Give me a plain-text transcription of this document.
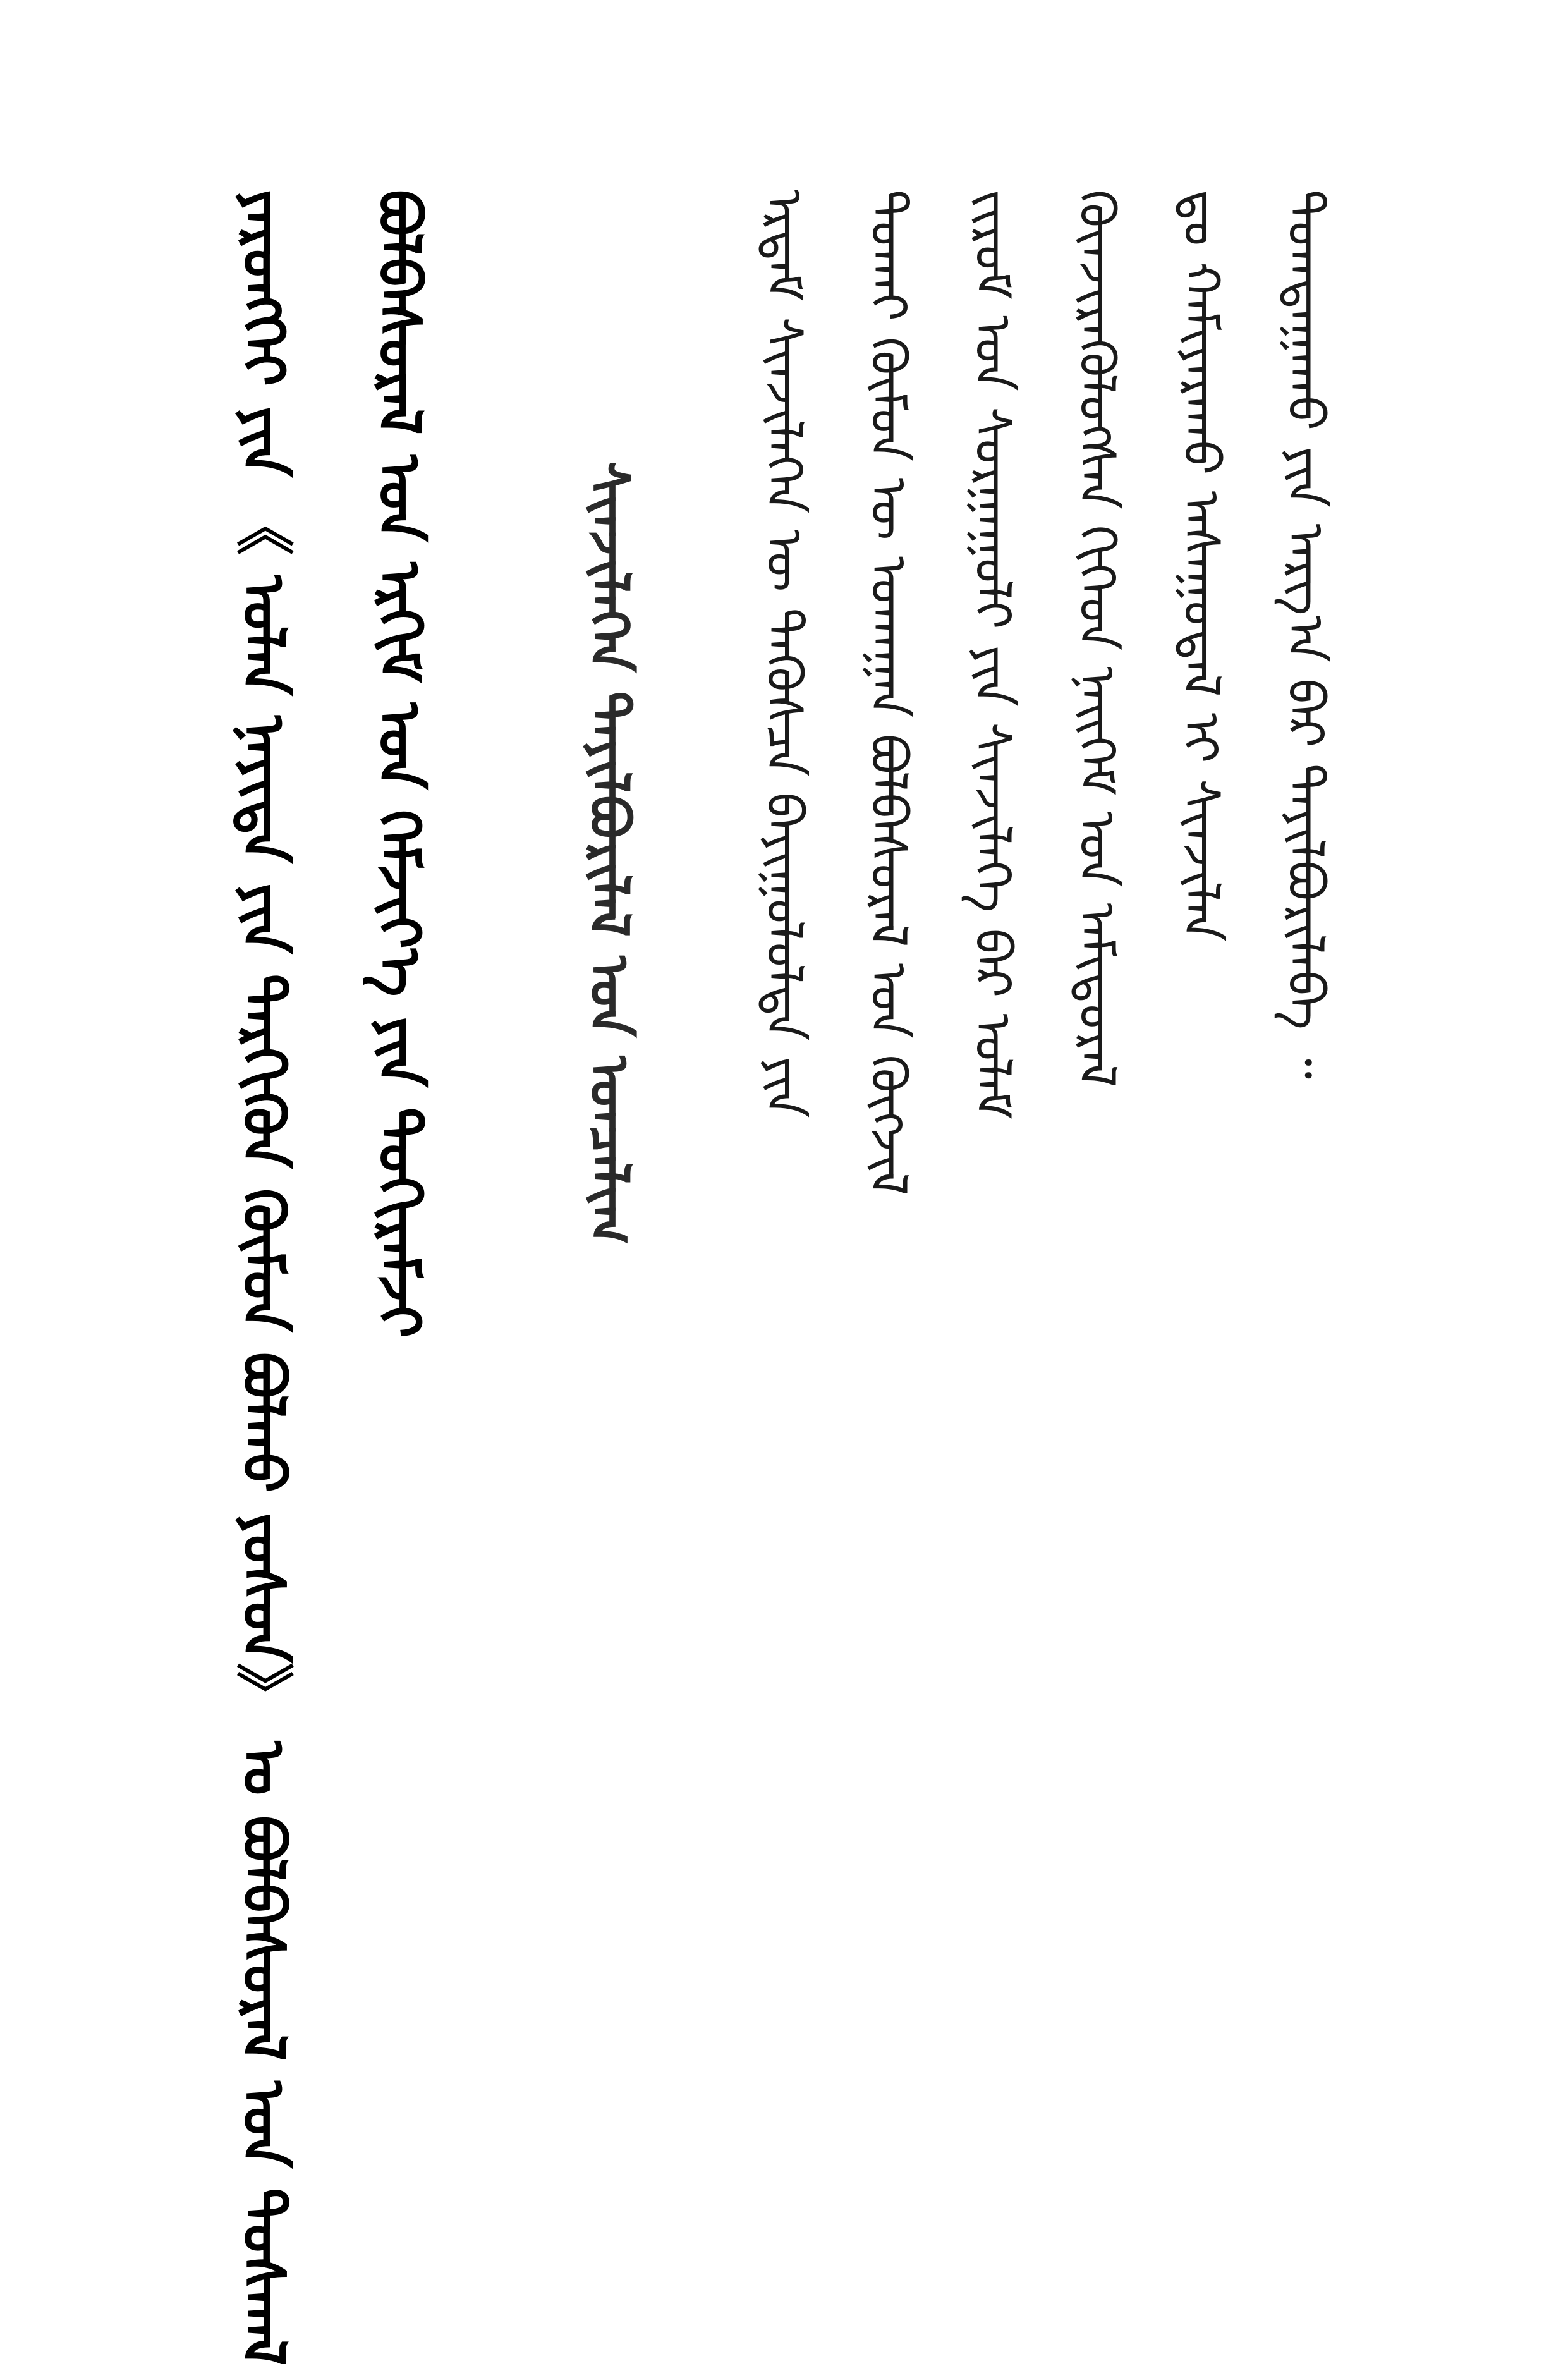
ᠶᠡᠷᠦᠩᠬᠡᠶ ᠶᠢᠨ 《 ᠣᠯᠠᠨ ᠨᠡᠶᠢᠲᠡ ᠶᠢᠨ ᠲᠡᠷᠭᠢᠭᠦᠨ ᠬᠦᠮᠦᠨ ᠪᠣᠯᠬᠤ ᠶᠣᠰᠣᠨ》 ᠤ ᠪᠣᠯᠪᠠᠰᠤᠷᠠᠯ ᠤᠨ ᠲᠣᠰᠬᠠᠯ ᠪᠣᠯᠪᠠᠰᠤᠷᠠᠯ ᠤᠨ ᠡᠷᠬᠢᠮ ᠤᠨ ᠬᠡᠮᠵᠢᠶ᠎ᠡ ᠶᠢᠨ ᠲᠣᠬᠢᠷᠠᠮᠵᠢ	ᠰᠢᠨᠵᠢᠯᠡᠭᠡᠨ ᠲᠠᠶᠢᠯᠪᠤᠷᠢᠯᠠᠯ ᠤᠨ ᠣᠨᠴᠠᠯᠢᠭ ᠡᠷᠳᠡᠮ ᠰᠢᠨᠵᠢᠯᠡᠭᠡᠨ ᠦ ᠲᠡᠭᠦᠰᠴᠡ ᠪᠠᠶᠢᠭᠤᠯᠤᠯᠲᠠ ᠶᠢᠨ ᠲᠤᠬᠠᠢ ᠬᠦᠮᠦᠨ ᠦ ᠤᠬᠠᠭᠠᠨ ᠪᠣᠯᠪᠠᠰᠤᠷᠠᠯ ᠤᠨ ᠬᠥᠭᠵᠢᠯ ᠵᠢᠷᠤᠮ ᠤᠨ ᠰᠤᠷᠭᠠᠭᠤᠯᠢ ᠶᠢᠨ ᠰᠢᠨᠵᠢᠯᠡᠭᠡ ᠪᠡᠷ ᠤᠯᠠᠮ ᠭᠦᠨᠵᠢᠷᠡᠭᠦᠯᠦᠭᠰᠡᠨ ᠬᠢᠭᠡᠳ ᠨᠡᠢᠭᠡᠮ ᠤᠨ ᠠᠮᠢᠳᠤᠷᠠᠯ ᠳᠤ ᠬᠠᠮᠢᠶᠠᠷᠠᠬᠤ ᠠᠰᠠᠭᠤᠳᠠᠯ ᠢ ᠰᠢᠨᠵᠢᠯᠡᠨ ᠲᠣᠭᠲᠠᠭᠠᠬᠤ ᠶᠢᠨ ᠠᠷᠭ᠎ᠠ ᠪᠠᠷ ᠲᠠᠶᠢᠯᠪᠤᠷᠢᠯᠠᠪᠠ ᠃
